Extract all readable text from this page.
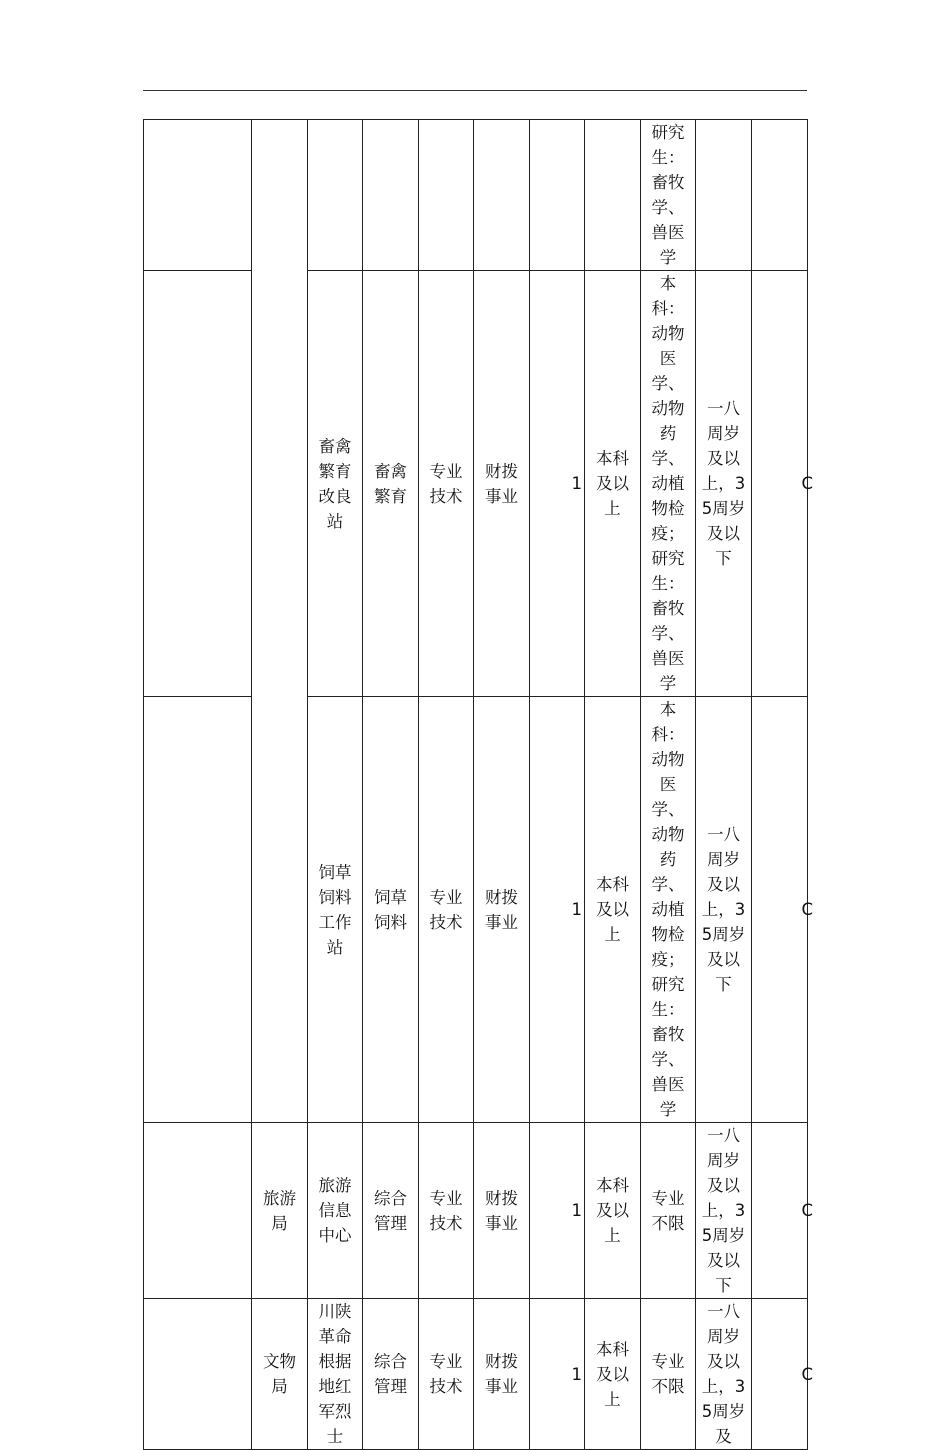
								研究生：畜牧学、兽医学		

		畜禽繁育改良站	畜禽繁育	专业技术	财拨事业	1	本科及以上	本科：动物医学、动物药学、动植物检疫；研究生：畜牧学、兽医学	一八周岁及以上，35周岁及以下	C

		饲草饲料工作站	饲草饲料	专业技术	财拨事业	1	本科及以上	本科：动物医学、动物药学、动植物检疫；研究生：畜牧学、兽医学	一八周岁及以上，35周岁及以下	C

	旅游局	旅游信息中心	综合管理	专业技术	财拨事业	1	本科及以上	专业不限	一八周岁及以上，35周岁及以下	C

	文物局	川陕革命根据地红军烈士	综合管理	专业技术	财拨事业	1	本科及以上	专业不限	一八周岁及以上，35周岁及	C
